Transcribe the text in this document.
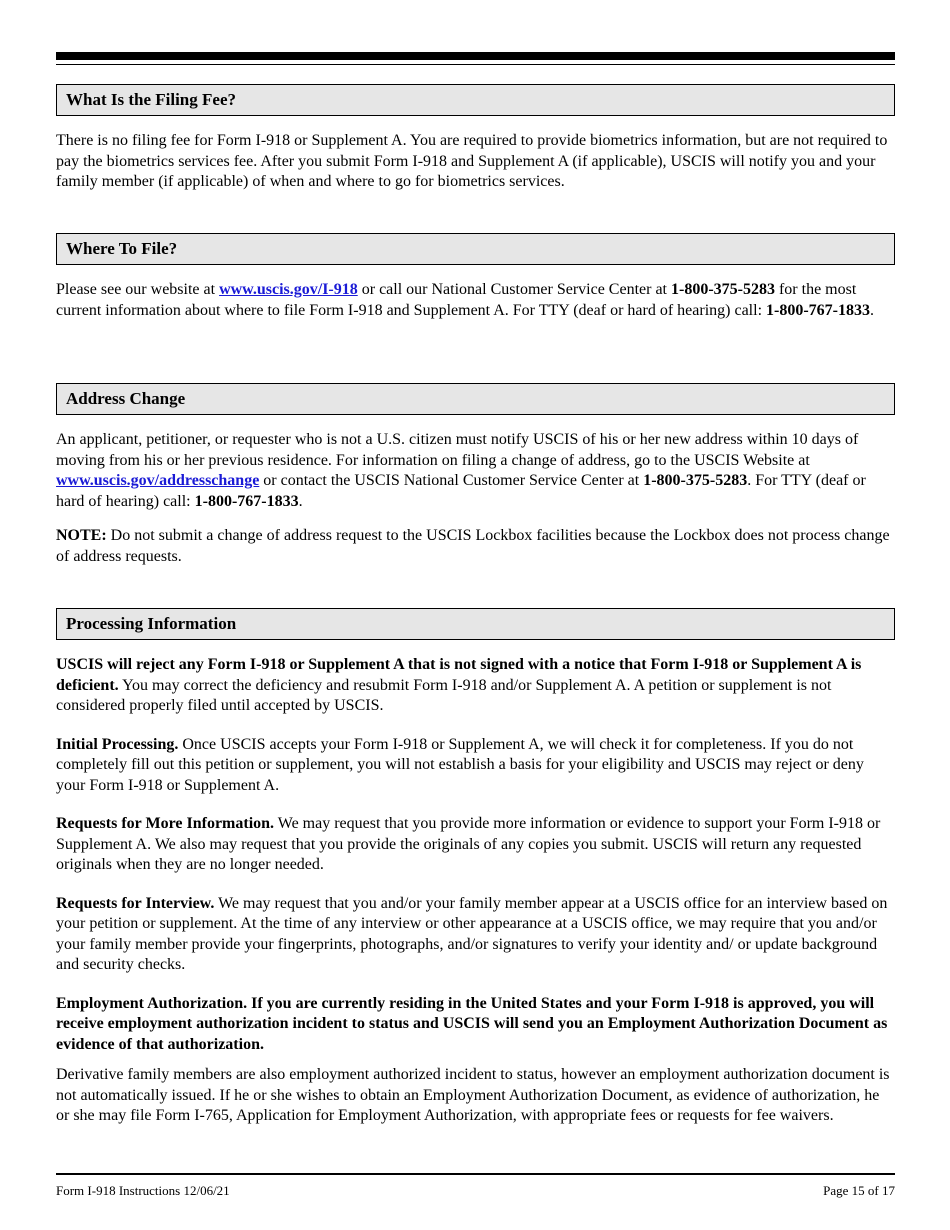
What Is the Filing Fee?

There is no filing fee for Form I-918 or Supplement A. You are required to provide biometrics information, but are not required to pay the biometrics services fee. After you submit Form I-918 and Supplement A (if applicable), USCIS will notify you and your family member (if applicable) of when and where to go for biometrics services.

Where To File?

Please see our website at www.uscis.gov/I-918 or call our National Customer Service Center at 1-800-375-5283 for the most current information about where to file Form I-918 and Supplement A. For TTY (deaf or hard of hearing) call: 1-800-767-1833.

Address Change

An applicant, petitioner, or requester who is not a U.S. citizen must notify USCIS of his or her new address within 10 days of moving from his or her previous residence. For information on filing a change of address, go to the USCIS Website at www.uscis.gov/addresschange or contact the USCIS National Customer Service Center at 1-800-375-5283. For TTY (deaf or hard of hearing) call: 1-800-767-1833.

NOTE: Do not submit a change of address request to the USCIS Lockbox facilities because the Lockbox does not process change of address requests.

Processing Information

USCIS will reject any Form I-918 or Supplement A that is not signed with a notice that Form I-918 or Supplement A is deficient. You may correct the deficiency and resubmit Form I-918 and/or Supplement A. A petition or supplement is not considered properly filed until accepted by USCIS.

Initial Processing. Once USCIS accepts your Form I-918 or Supplement A, we will check it for completeness. If you do not completely fill out this petition or supplement, you will not establish a basis for your eligibility and USCIS may reject or deny your Form I-918 or Supplement A.

Requests for More Information. We may request that you provide more information or evidence to support your Form I-918 or Supplement A. We also may request that you provide the originals of any copies you submit. USCIS will return any requested originals when they are no longer needed.

Requests for Interview. We may request that you and/or your family member appear at a USCIS office for an interview based on your petition or supplement. At the time of any interview or other appearance at a USCIS office, we may require that you and/or your family member provide your fingerprints, photographs, and/or signatures to verify your identity and/ or update background and security checks.

Employment Authorization. If you are currently residing in the United States and your Form I-918 is approved, you will receive employment authorization incident to status and USCIS will send you an Employment Authorization Document as evidence of that authorization.

Derivative family members are also employment authorized incident to status, however an employment authorization document is not automatically issued. If he or she wishes to obtain an Employment Authorization Document, as evidence of authorization, he or she may file Form I-765, Application for Employment Authorization, with appropriate fees or requests for fee waivers.

Form I-918 Instructions 12/06/21	Page 15 of 17
